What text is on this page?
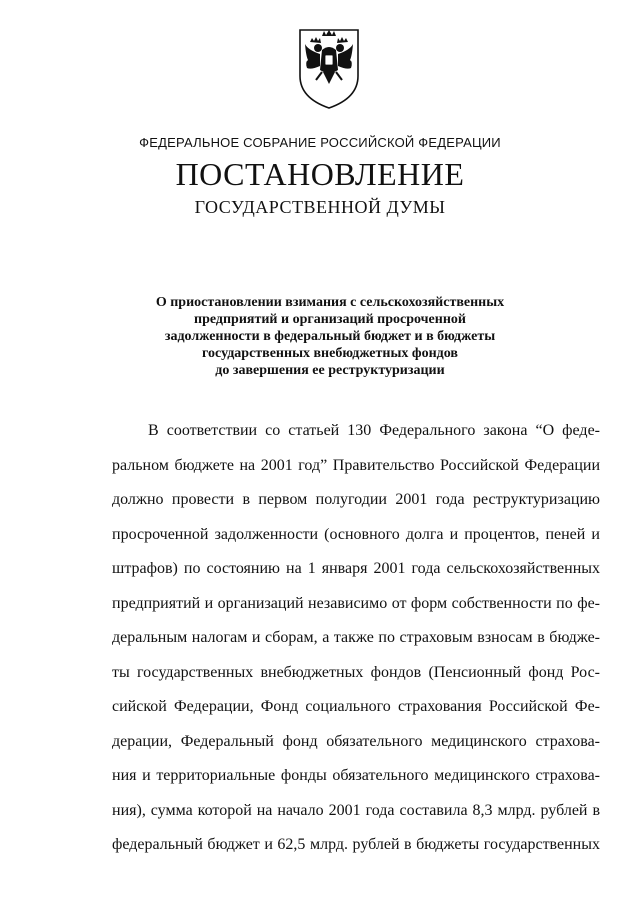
ФЕДЕРАЛЬНОЕ СОБРАНИЕ РОССИЙСКОЙ ФЕДЕРАЦИИ
ПОСТАНОВЛЕНИЕ
ГОСУДАРСТВЕННОЙ ДУМЫ
О приостановлении взимания с сельскохозяйственных
предприятий и организаций просроченной
задолженности в федеральный бюджет и в бюджеты
государственных внебюджетных фондов
до завершения ее реструктуризации
В соответствии со статьей 130 Федерального закона “О феде-
ральном бюджете на 2001 год” Правительство Российской Федерации
должно провести в первом полугодии 2001 года реструктуризацию
просроченной задолженности (основного долга и процентов, пеней и
штрафов) по состоянию на 1 января 2001 года сельскохозяйственных
предприятий и организаций независимо от форм собственности по фе-
деральным налогам и сборам, а также по страховым взносам в бюдже-
ты государственных внебюджетных фондов (Пенсионный фонд Рос-
сийской Федерации, Фонд социального страхования Российской Фе-
дерации, Федеральный фонд обязательного медицинского страхова-
ния и территориальные фонды обязательного медицинского страхова-
ния), сумма которой на начало 2001 года составила 8,3 млрд. рублей в
федеральный бюджет и 62,5 млрд. рублей в бюджеты государственных
